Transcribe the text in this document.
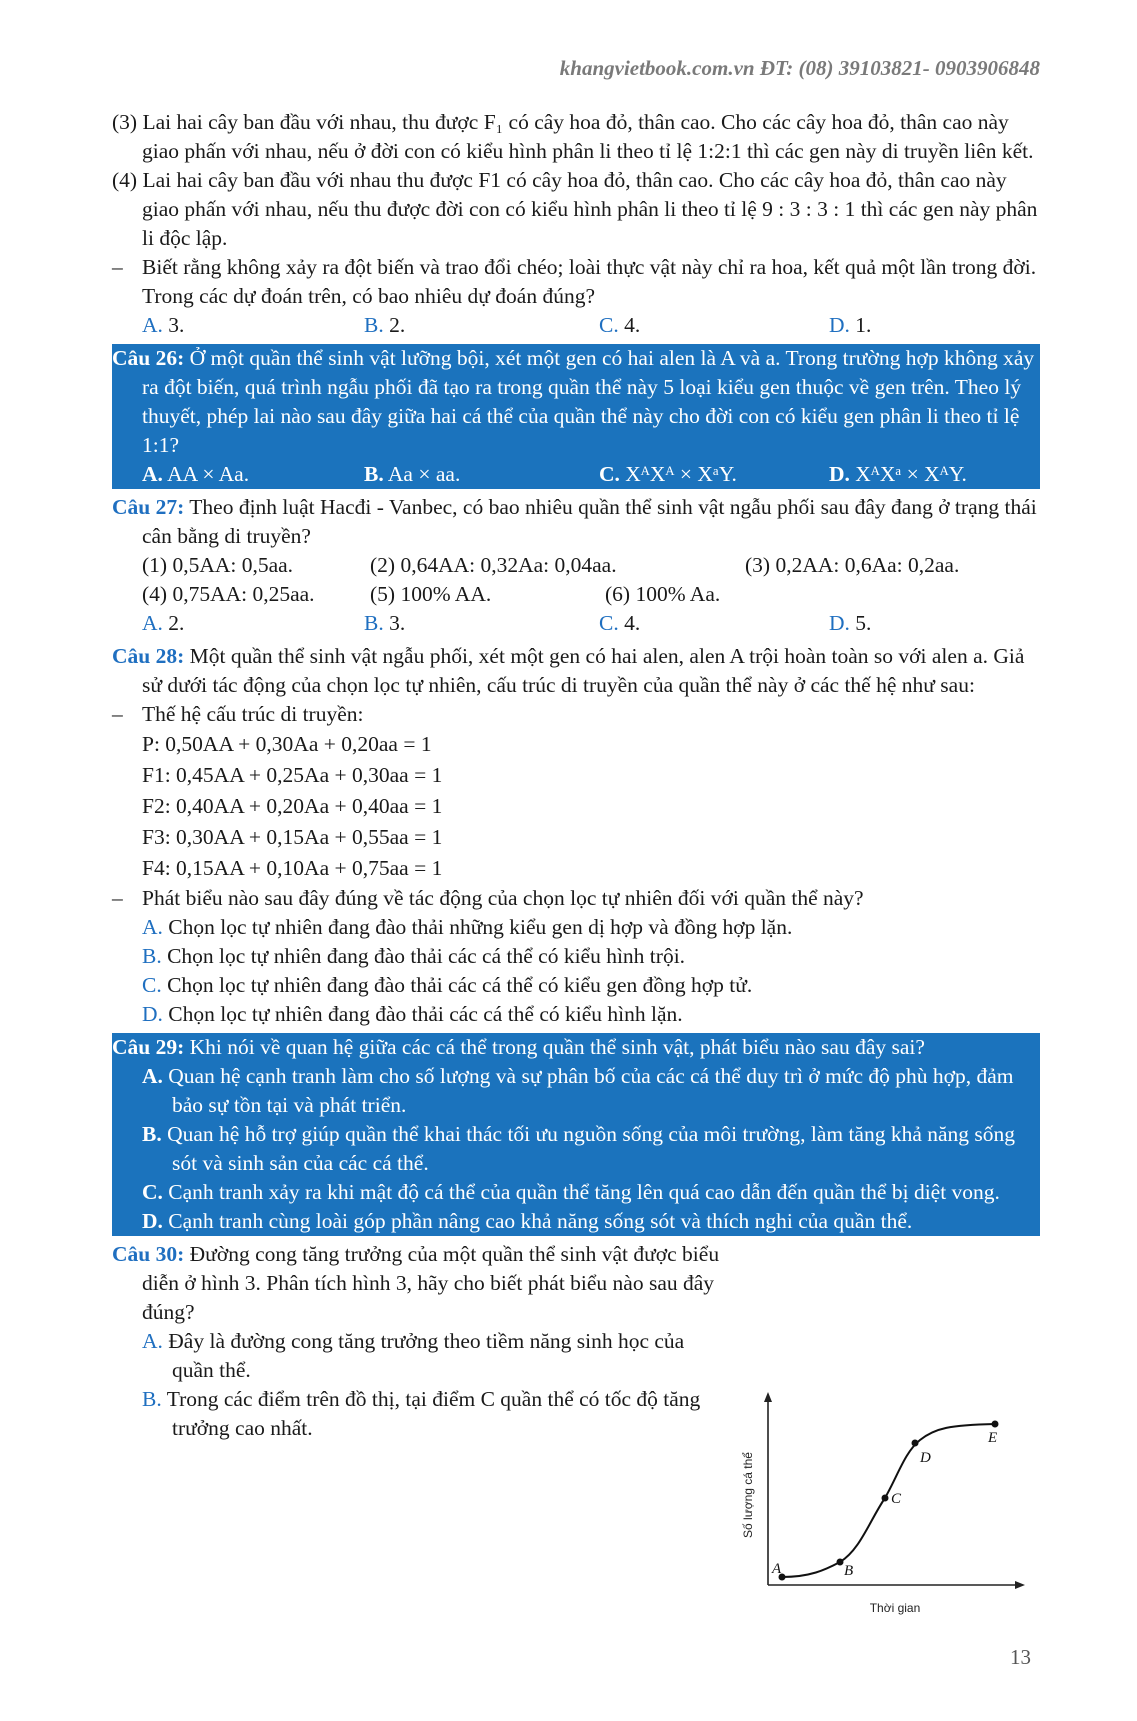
khangvietbook.com.vn ĐT: (08) 39103821- 0903906848
(3) Lai hai cây ban đầu với nhau, thu được F₁ có cây hoa đỏ, thân cao. Cho các cây hoa đỏ, thân cao này giao phấn với nhau, nếu ở đời con có kiểu hình phân li theo tỉ lệ 1:2:1 thì các gen này di truyền liên kết.
(4) Lai hai cây ban đầu với nhau thu được F1 có cây hoa đỏ, thân cao. Cho các cây hoa đỏ, thân cao này giao phấn với nhau, nếu thu được đời con có kiểu hình phân li theo tỉ lệ 9 : 3 : 3 : 1 thì các gen này phân li độc lập.
– Biết rằng không xảy ra đột biến và trao đổi chéo; loài thực vật này chỉ ra hoa, kết quả một lần trong đời.
Trong các dự đoán trên, có bao nhiêu dự đoán đúng?
A. 3.	B. 2.	C. 4.	D. 1.
Câu 26: Ở một quần thể sinh vật lưỡng bội, xét một gen có hai alen là A và a. Trong trường hợp không xảy ra đột biến, quá trình ngẫu phối đã tạo ra trong quần thể này 5 loại kiểu gen thuộc về gen trên. Theo lý thuyết, phép lai nào sau đây giữa hai cá thể của quần thể này cho đời con có kiểu gen phân li theo tỉ lệ 1:1?
A. AA × Aa.	B. Aa × aa.	C. XᴬXᴬ × XᵃY.	D. XᴬXᵃ × XᴬY.
Câu 27: Theo định luật Hacđi - Vanbec, có bao nhiêu quần thể sinh vật ngẫu phối sau đây đang ở trạng thái cân bằng di truyền?
(1) 0,5AA: 0,5aa.	(2) 0,64AA: 0,32Aa: 0,04aa.	(3) 0,2AA: 0,6Aa: 0,2aa.
(4) 0,75AA: 0,25aa.	(5) 100% AA.	(6) 100% Aa.
A. 2.	B. 3.	C. 4.	D. 5.
Câu 28: Một quần thể sinh vật ngẫu phối, xét một gen có hai alen, alen A trội hoàn toàn so với alen a. Giả sử dưới tác động của chọn lọc tự nhiên, cấu trúc di truyền của quần thể này ở các thế hệ như sau:
– Thế hệ cấu trúc di truyền:
P: 0,50AA + 0,30Aa + 0,20aa = 1
F1: 0,45AA + 0,25Aa + 0,30aa = 1
F2: 0,40AA + 0,20Aa + 0,40aa = 1
F3: 0,30AA + 0,15Aa + 0,55aa = 1
F4: 0,15AA + 0,10Aa + 0,75aa = 1
– Phát biểu nào sau đây đúng về tác động của chọn lọc tự nhiên đối với quần thể này?
A. Chọn lọc tự nhiên đang đào thải những kiểu gen dị hợp và đồng hợp lặn.
B. Chọn lọc tự nhiên đang đào thải các cá thể có kiểu hình trội.
C. Chọn lọc tự nhiên đang đào thải các cá thể có kiểu gen đồng hợp tử.
D. Chọn lọc tự nhiên đang đào thải các cá thể có kiểu hình lặn.
Câu 29: Khi nói về quan hệ giữa các cá thể trong quần thể sinh vật, phát biểu nào sau đây sai?
A. Quan hệ cạnh tranh làm cho số lượng và sự phân bố của các cá thể duy trì ở mức độ phù hợp, đảm bảo sự tồn tại và phát triển.
B. Quan hệ hỗ trợ giúp quần thể khai thác tối ưu nguồn sống của môi trường, làm tăng khả năng sống sót và sinh sản của các cá thể.
C. Cạnh tranh xảy ra khi mật độ cá thể của quần thể tăng lên quá cao dẫn đến quần thể bị diệt vong.
D. Cạnh tranh cùng loài góp phần nâng cao khả năng sống sót và thích nghi của quần thể.
Câu 30: Đường cong tăng trưởng của một quần thể sinh vật được biểu diễn ở hình 3. Phân tích hình 3, hãy cho biết phát biểu nào sau đây đúng?
A. Đây là đường cong tăng trưởng theo tiềm năng sinh học của quần thể.
B. Trong các điểm trên đồ thị, tại điểm C quần thể có tốc độ tăng trưởng cao nhất.
A	B
C
D
E
Số lượng cá thể
Thời gian
13
